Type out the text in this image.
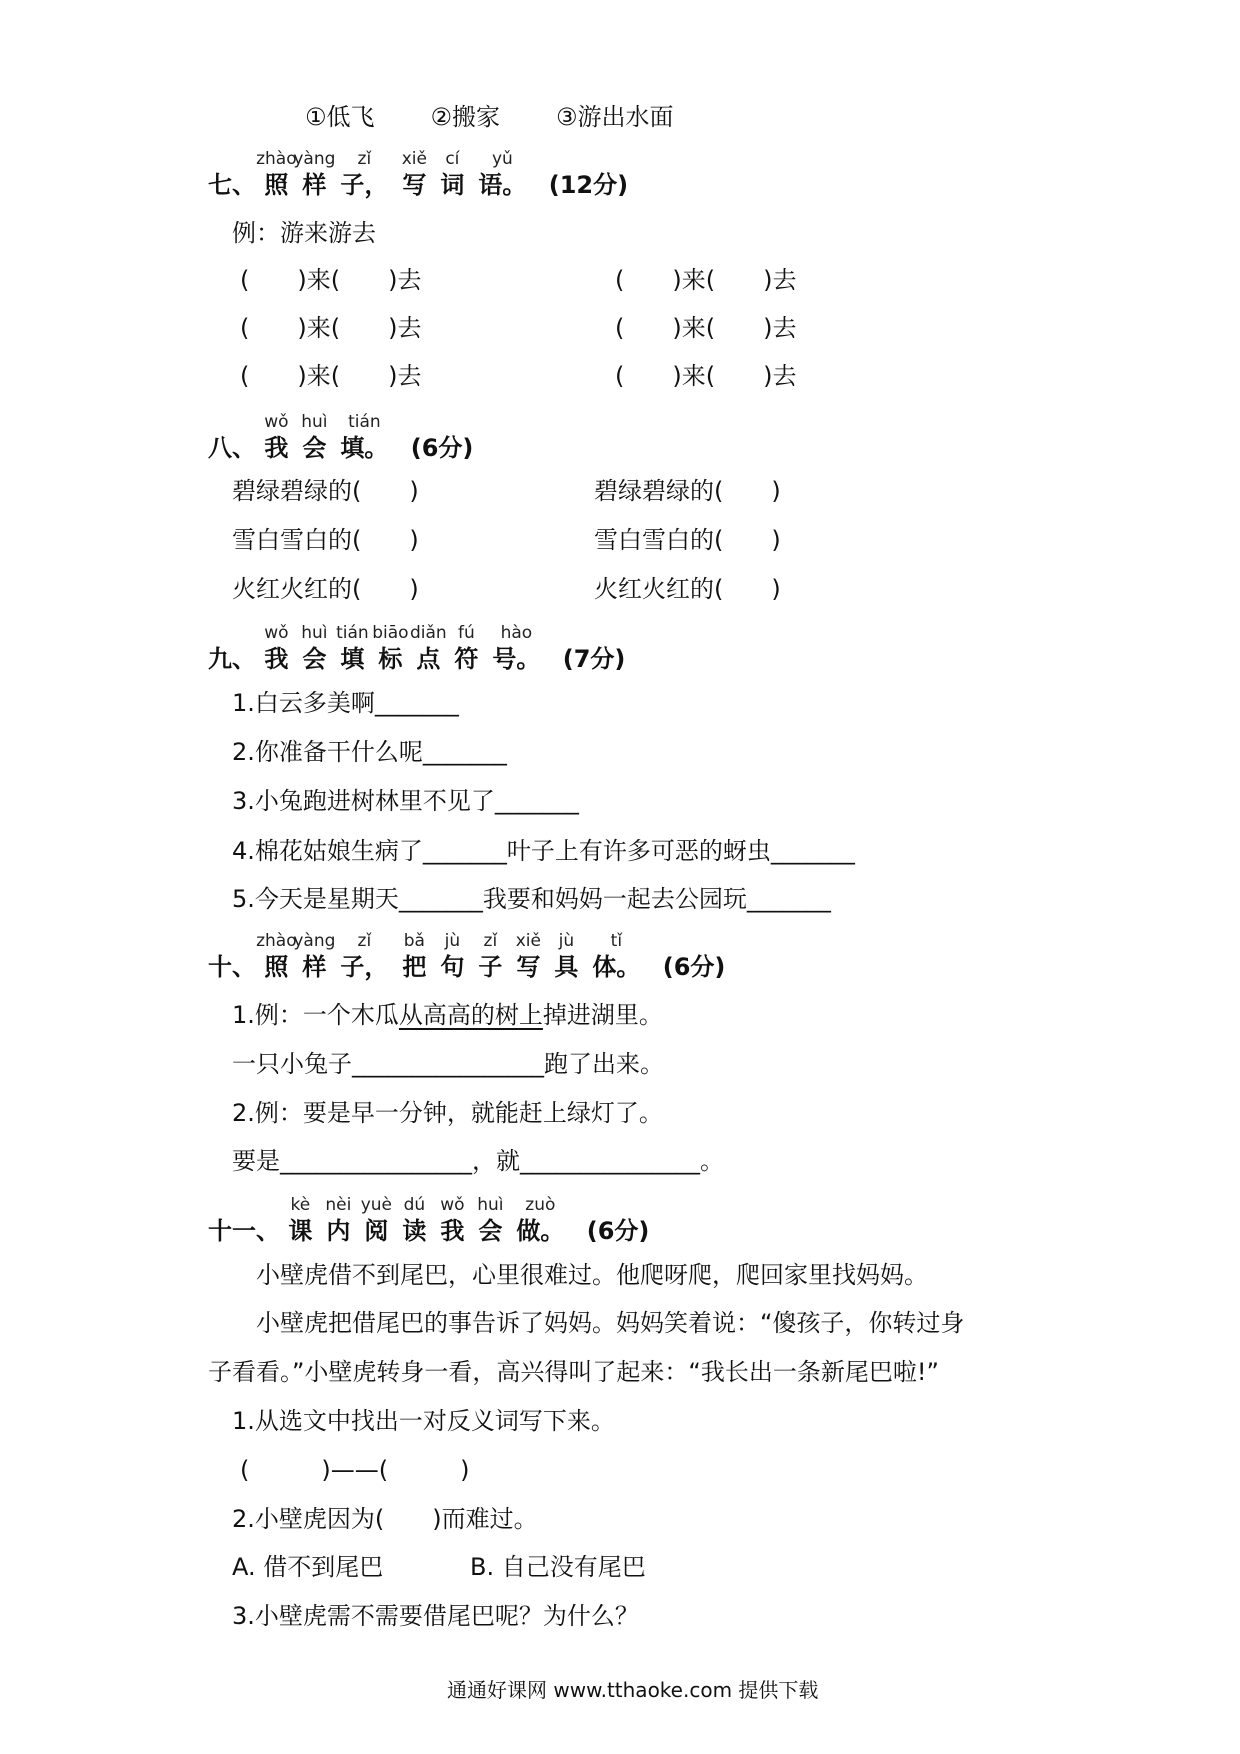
①低飞 ②搬家 ③游出水面
七、
zhào
照
yàng
样
zǐ
子，
xiě
写
cí
词
yǔ
语。 (12分)
例：游来游去
(　　)来(　　)去	(　　)来(　　)去
(　　)来(　　)去	(　　)来(　　)去
(　　)来(　　)去	(　　)来(　　)去
八、
wǒ
我
huì
会
tián
填。 (6分)
碧绿碧绿的(　　)	碧绿碧绿的(　　)
雪白雪白的(　　)	雪白雪白的(　　)
火红火红的(　　)	火红火红的(　　)
九、
wǒ
我
huì
会
tián
填
biāo
标
diǎn
点
fú
符
hào
号。 (7分)
1.白云多美啊_______
2.你准备干什么呢_______
3.小兔跑进树林里不见了_______
4.棉花姑娘生病了_______叶子上有许多可恶的蚜虫_______
5.今天是星期天_______我要和妈妈一起去公园玩_______
十、
zhào
照
yàng
样
zǐ
子，
bǎ
把
jù
句
zǐ
子
xiě
写
jù
具
tǐ
体。 (6分)
1.例：一个木瓜从高高的树上掉进湖里。
一只小兔子________________跑了出来。
2.例：要是早一分钟，就能赶上绿灯了。
要是________________，就_______________。
十一、
kè
课
nèi
内
yuè
阅
dú
读
wǒ
我
huì
会
zuò
做。 (6分)
小壁虎借不到尾巴，心里很难过。他爬呀爬，爬回家里找妈妈。
小壁虎把借尾巴的事告诉了妈妈。妈妈笑着说：“傻孩子，你转过身
子看看。”小壁虎转身一看，高兴得叫了起来：“我长出一条新尾巴啦!”
1.从选文中找出一对反义词写下来。
(　　　)——(　　　)
2.小壁虎因为(　　)而难过。
A. 借不到尾巴	B. 自己没有尾巴
3.小壁虎需不需要借尾巴呢？为什么？
通通好课网 www.tthaoke.com 提供下载
